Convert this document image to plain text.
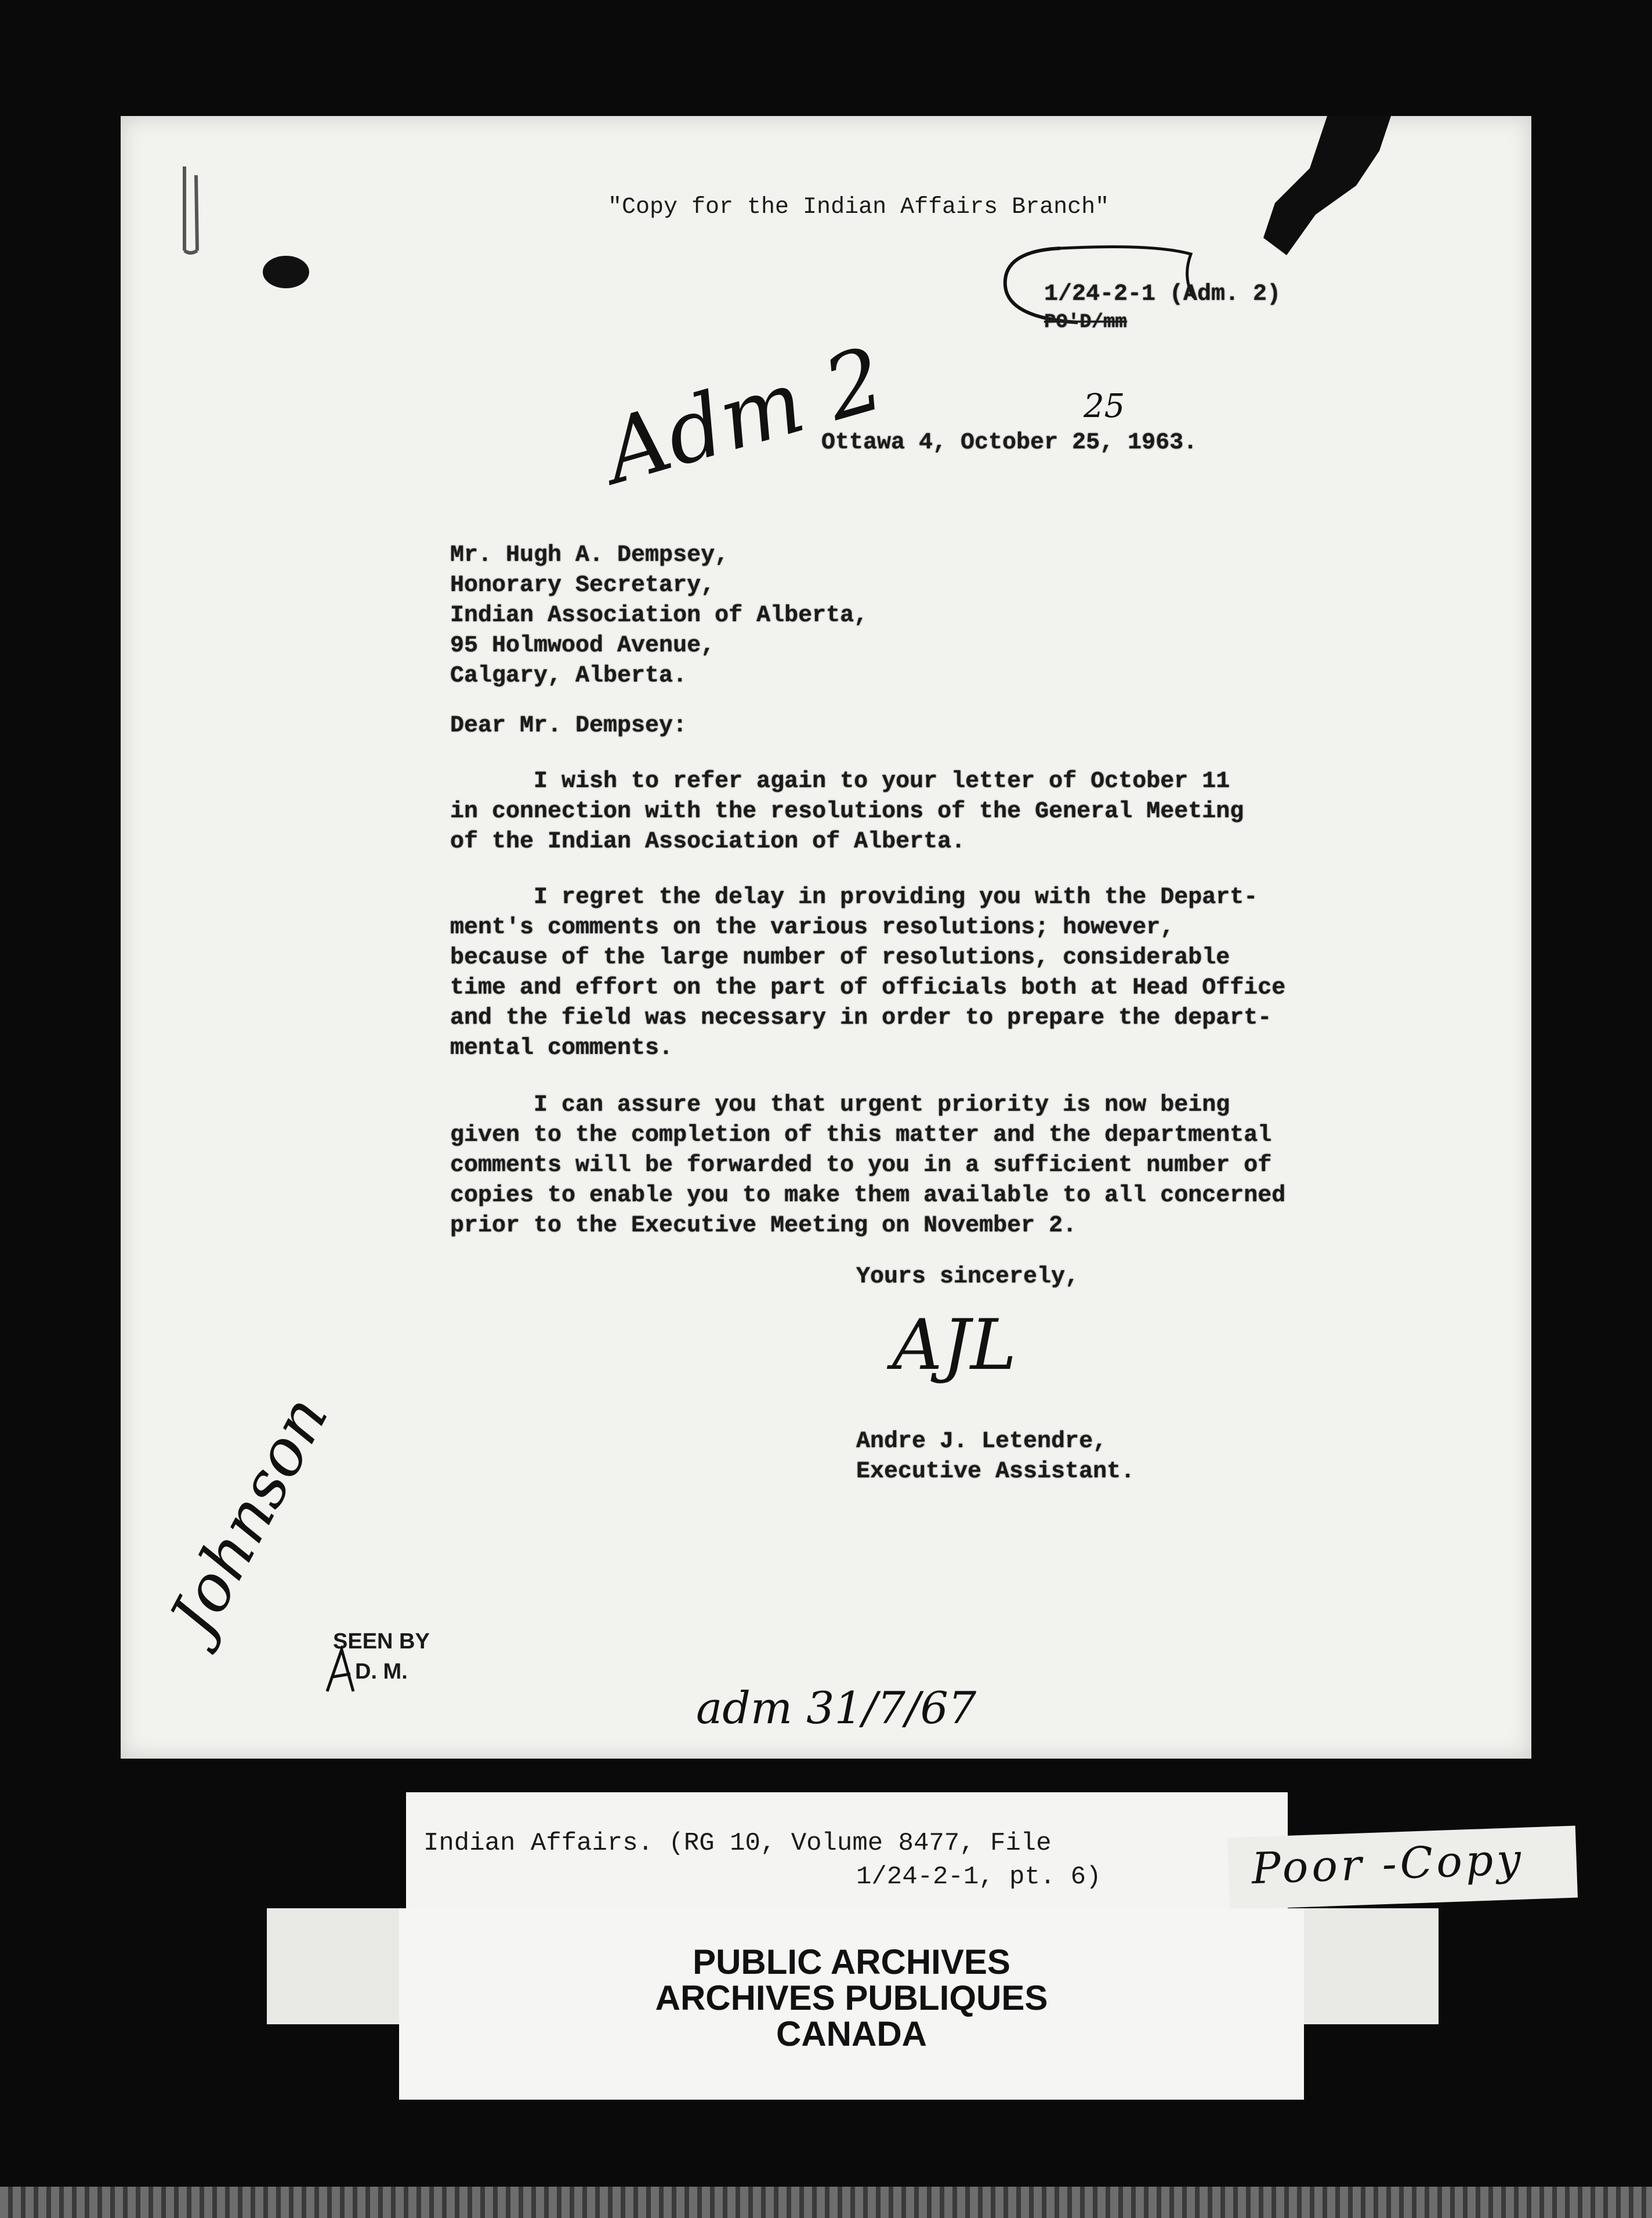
"Copy for the Indian Affairs Branch"
1/24-2-1 (Adm. 2)
PO'D/mm
Adm 2
Ottawa 4, October 25, 1963.
25
Mr. Hugh A. Dempsey,
Honorary Secretary,
Indian Association of Alberta,
95 Holmwood Avenue,
Calgary, Alberta.
Dear Mr. Dempsey:
I wish to refer again to your letter of October 11
in connection with the resolutions of the General Meeting
of the Indian Association of Alberta.
I regret the delay in providing you with the Depart-
ment's comments on the various resolutions; however,
because of the large number of resolutions, considerable
time and effort on the part of officials both at Head Office
and the field was necessary in order to prepare the depart-
mental comments.
I can assure you that urgent priority is now being
given to the completion of this matter and the departmental
comments will be forwarded to you in a sufficient number of
copies to enable you to make them available to all concerned
prior to the Executive Meeting on November 2.
Yours sincerely,
AJL
Andre J. Letendre,
Executive Assistant.
Johnson
SEEN BY
D. M.
adm 31/7/67
Indian Affairs. (RG 10, Volume 8477, File
1/24-2-1, pt. 6)	Poor -Copy
PUBLIC ARCHIVES
ARCHIVES PUBLIQUES
CANADA
